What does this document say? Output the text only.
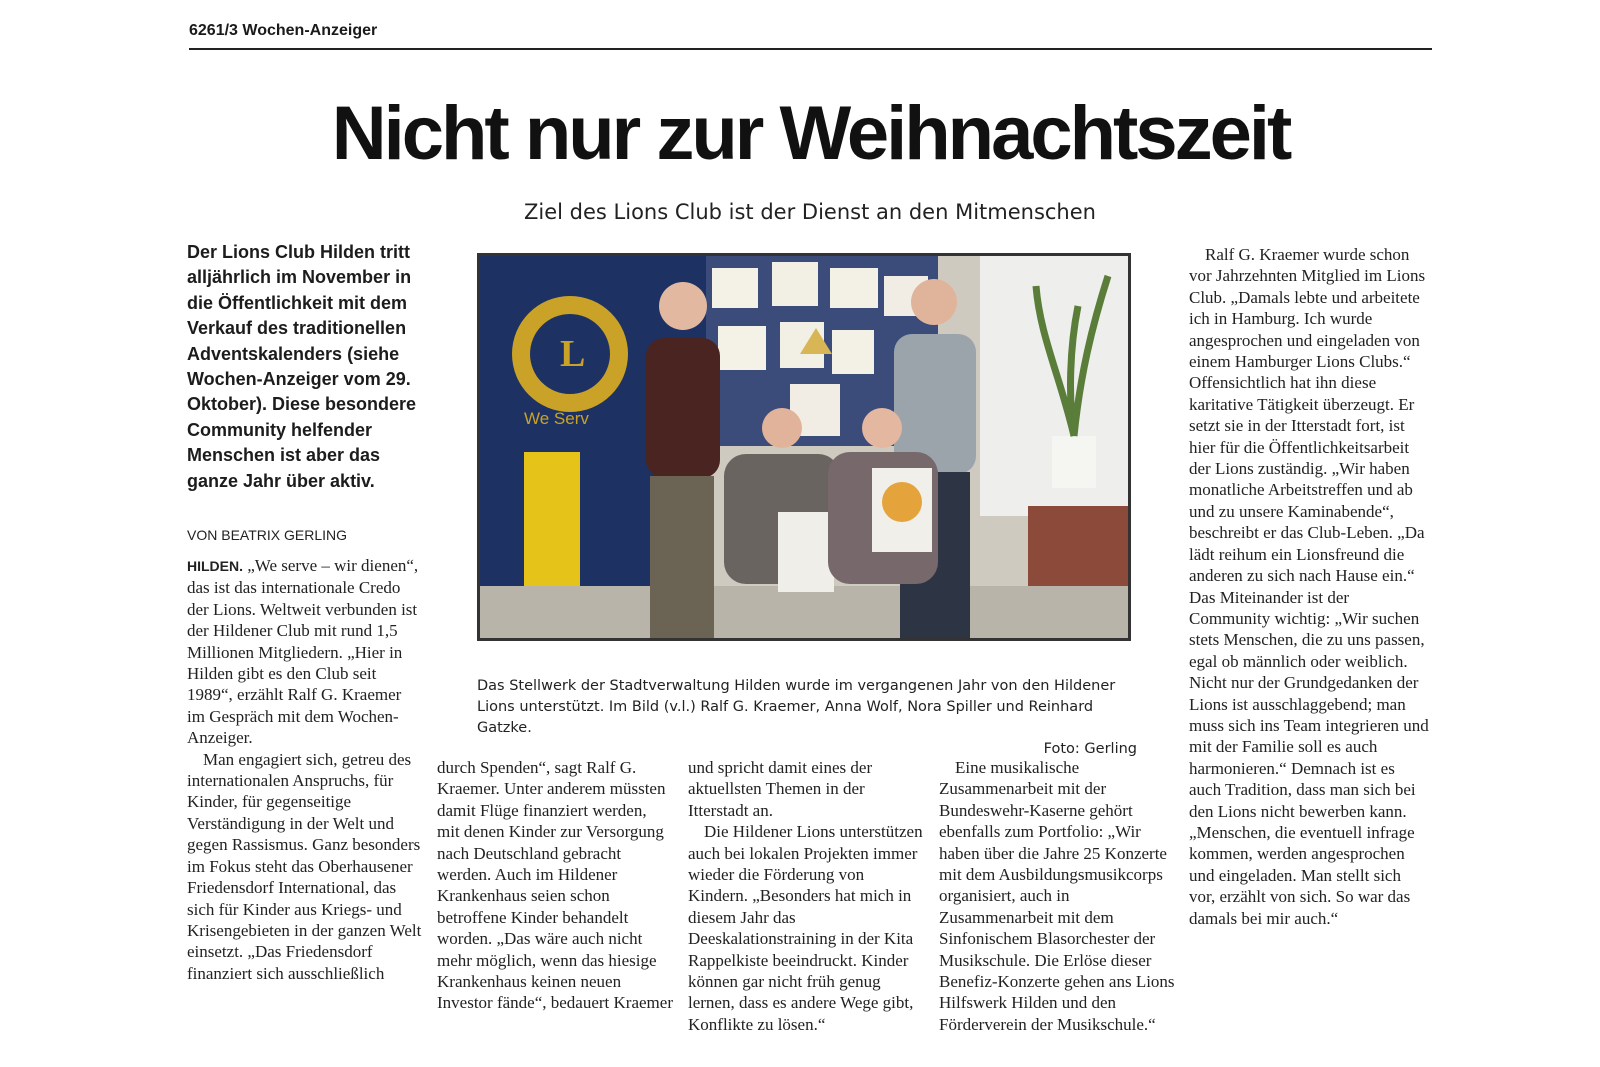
6261/3 Wochen-Anzeiger
Nicht nur zur Weihnachtszeit
Ziel des Lions Club ist der Dienst an den Mitmenschen
Der Lions Club Hilden tritt alljährlich im November in die Öffentlichkeit mit dem Verkauf des traditionellen Adventskalenders (siehe Wochen-Anzeiger vom 29. Oktober). Diese besondere Community helfender Menschen ist aber das ganze Jahr über aktiv.
VON BEATRIX GERLING

HILDEN. „We serve – wir dienen“, das ist das internationale Credo der Lions. Weltweit verbunden ist der Hildener Club mit rund 1,5 Millionen Mitgliedern. „Hier in Hilden gibt es den Club seit 1989“, erzählt Ralf G. Kraemer im Gespräch mit dem Wochen-Anzeiger.

Man engagiert sich, getreu des internationalen Anspruchs, für Kinder, für gegenseitige Verständigung in der Welt und gegen Rassismus. Ganz besonders im Fokus steht das Oberhausener Friedensdorf International, das sich für Kinder aus Kriegs- und Krisengebieten in der ganzen Welt einsetzt. „Das Friedensdorf finanziert sich ausschließlich

L
We Serv
Das Stellwerk der Stadtverwaltung Hilden wurde im vergangenen Jahr von den Hildener Lions unterstützt. Im Bild (v.l.) Ralf G. Kraemer, Anna Wolf, Nora Spiller und Reinhard Gatzke.
Foto: Gerling

durch Spenden“, sagt Ralf G. Kraemer. Unter anderem müssten damit Flüge finanziert werden, mit denen Kinder zur Versorgung nach Deutschland gebracht werden. Auch im Hildener Krankenhaus seien schon betroffene Kinder behandelt worden. „Das wäre auch nicht mehr möglich, wenn das hiesige Krankenhaus keinen neuen Investor fände“, bedauert Kraemer

und spricht damit eines der aktuellsten Themen in der Itterstadt an.

Die Hildener Lions unterstützen auch bei lokalen Projekten immer wieder die Förderung von Kindern. „Besonders hat mich in diesem Jahr das Deeskalationstraining in der Kita Rappelkiste beeindruckt. Kinder können gar nicht früh genug lernen, dass es andere Wege gibt, Konflikte zu lösen.“

Eine musikalische Zusammenarbeit mit der Bundeswehr-Kaserne gehört ebenfalls zum Portfolio: „Wir haben über die Jahre 25 Konzerte mit dem Ausbildungsmusikcorps organisiert, auch in Zusammenarbeit mit dem Sinfonischem Blasorchester der Musikschule. Die Erlöse dieser Benefiz-Konzerte gehen ans Lions Hilfswerk Hilden und den Förderverein der Musikschule.“

Ralf G. Kraemer wurde schon vor Jahrzehnten Mitglied im Lions Club. „Damals lebte und arbeitete ich in Hamburg. Ich wurde angesprochen und eingeladen von einem Hamburger Lions Clubs.“ Offensichtlich hat ihn diese karitative Tätigkeit überzeugt. Er setzt sie in der Itterstadt fort, ist hier für die Öffentlichkeitsarbeit der Lions zuständig. „Wir haben monatliche Arbeitstreffen und ab und zu unsere Kaminabende“, beschreibt er das Club-Leben. „Da lädt reihum ein Lionsfreund die anderen zu sich nach Hause ein.“ Das Miteinander ist der Community wichtig: „Wir suchen stets Menschen, die zu uns passen, egal ob männlich oder weiblich. Nicht nur der Grundgedanken der Lions ist ausschlaggebend; man muss sich ins Team integrieren und mit der Familie soll es auch harmonieren.“ Demnach ist es auch Tradition, dass man sich bei den Lions nicht bewerben kann. „Menschen, die eventuell infrage kommen, werden angesprochen und eingeladen. Man stellt sich vor, erzählt von sich. So war das damals bei mir auch.“
